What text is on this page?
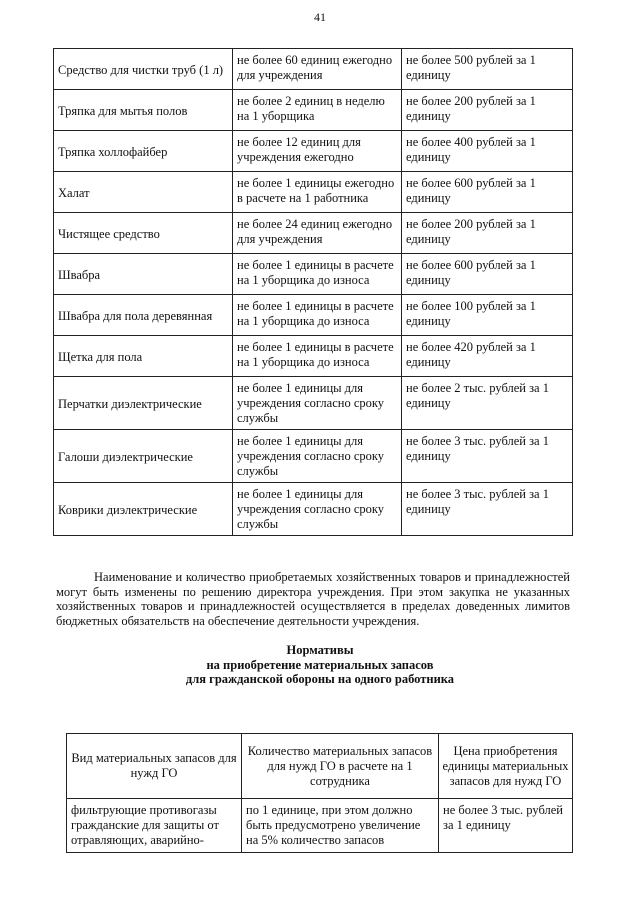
41
Средство для чистки труб (1 л)	не более 60 единиц ежегодно для учреждения	не более 500 рублей за 1 единицу
Тряпка для мытья полов	не более 2 единиц в неделю на 1 уборщика	не более 200 рублей за 1 единицу
Тряпка холлофайбер	не более 12 единиц для учреждения ежегодно	не более 400 рублей за 1 единицу
Халат	не более 1 единицы ежегодно в расчете на 1 работника	не более 600 рублей за 1 единицу
Чистящее средство	не более 24 единиц ежегодно для учреждения	не более 200 рублей за 1 единицу
Швабра	не более 1 единицы в расчете на 1 уборщика до износа	не более 600 рублей за 1 единицу
Швабра для пола деревянная	не более 1 единицы в расчете на 1 уборщика до износа	не более 100 рублей за 1 единицу
Щетка для пола	не более 1 единицы в расчете на 1 уборщика до износа	не более 420 рублей за 1 единицу
Перчатки диэлектрические	не более 1 единицы для учреждения согласно сроку службы	не более 2 тыс. рублей за 1 единицу
Галоши диэлектрические	не более 1 единицы для учреждения согласно сроку службы	не более 3 тыс. рублей за 1 единицу
Коврики диэлектрические	не более 1 единицы для учреждения согласно сроку службы	не более 3 тыс. рублей за 1 единицу

Наименование и количество приобретаемых хозяйственных товаров и принадлежностей могут быть изменены по решению директора учреждения. При этом закупка не указанных хозяйственных товаров и принадлежностей осуществляется в пределах доведенных лимитов бюджетных обязательств на обеспечение деятельности учреждения.

Нормативы
на приобретение материальных запасов
для гражданской обороны на одного работника
Вид материальных запасов для нужд ГО	Количество материальных запасов для нужд ГО в расчете на 1 сотрудника	Цена приобретения единицы материальных запасов для нужд ГО
фильтрующие противогазы гражданские для защиты от отравляющих, аварийно-	по 1 единице, при этом должно быть предусмотрено увеличение на 5% количество запасов	не более 3 тыс. рублей за 1 единицу
